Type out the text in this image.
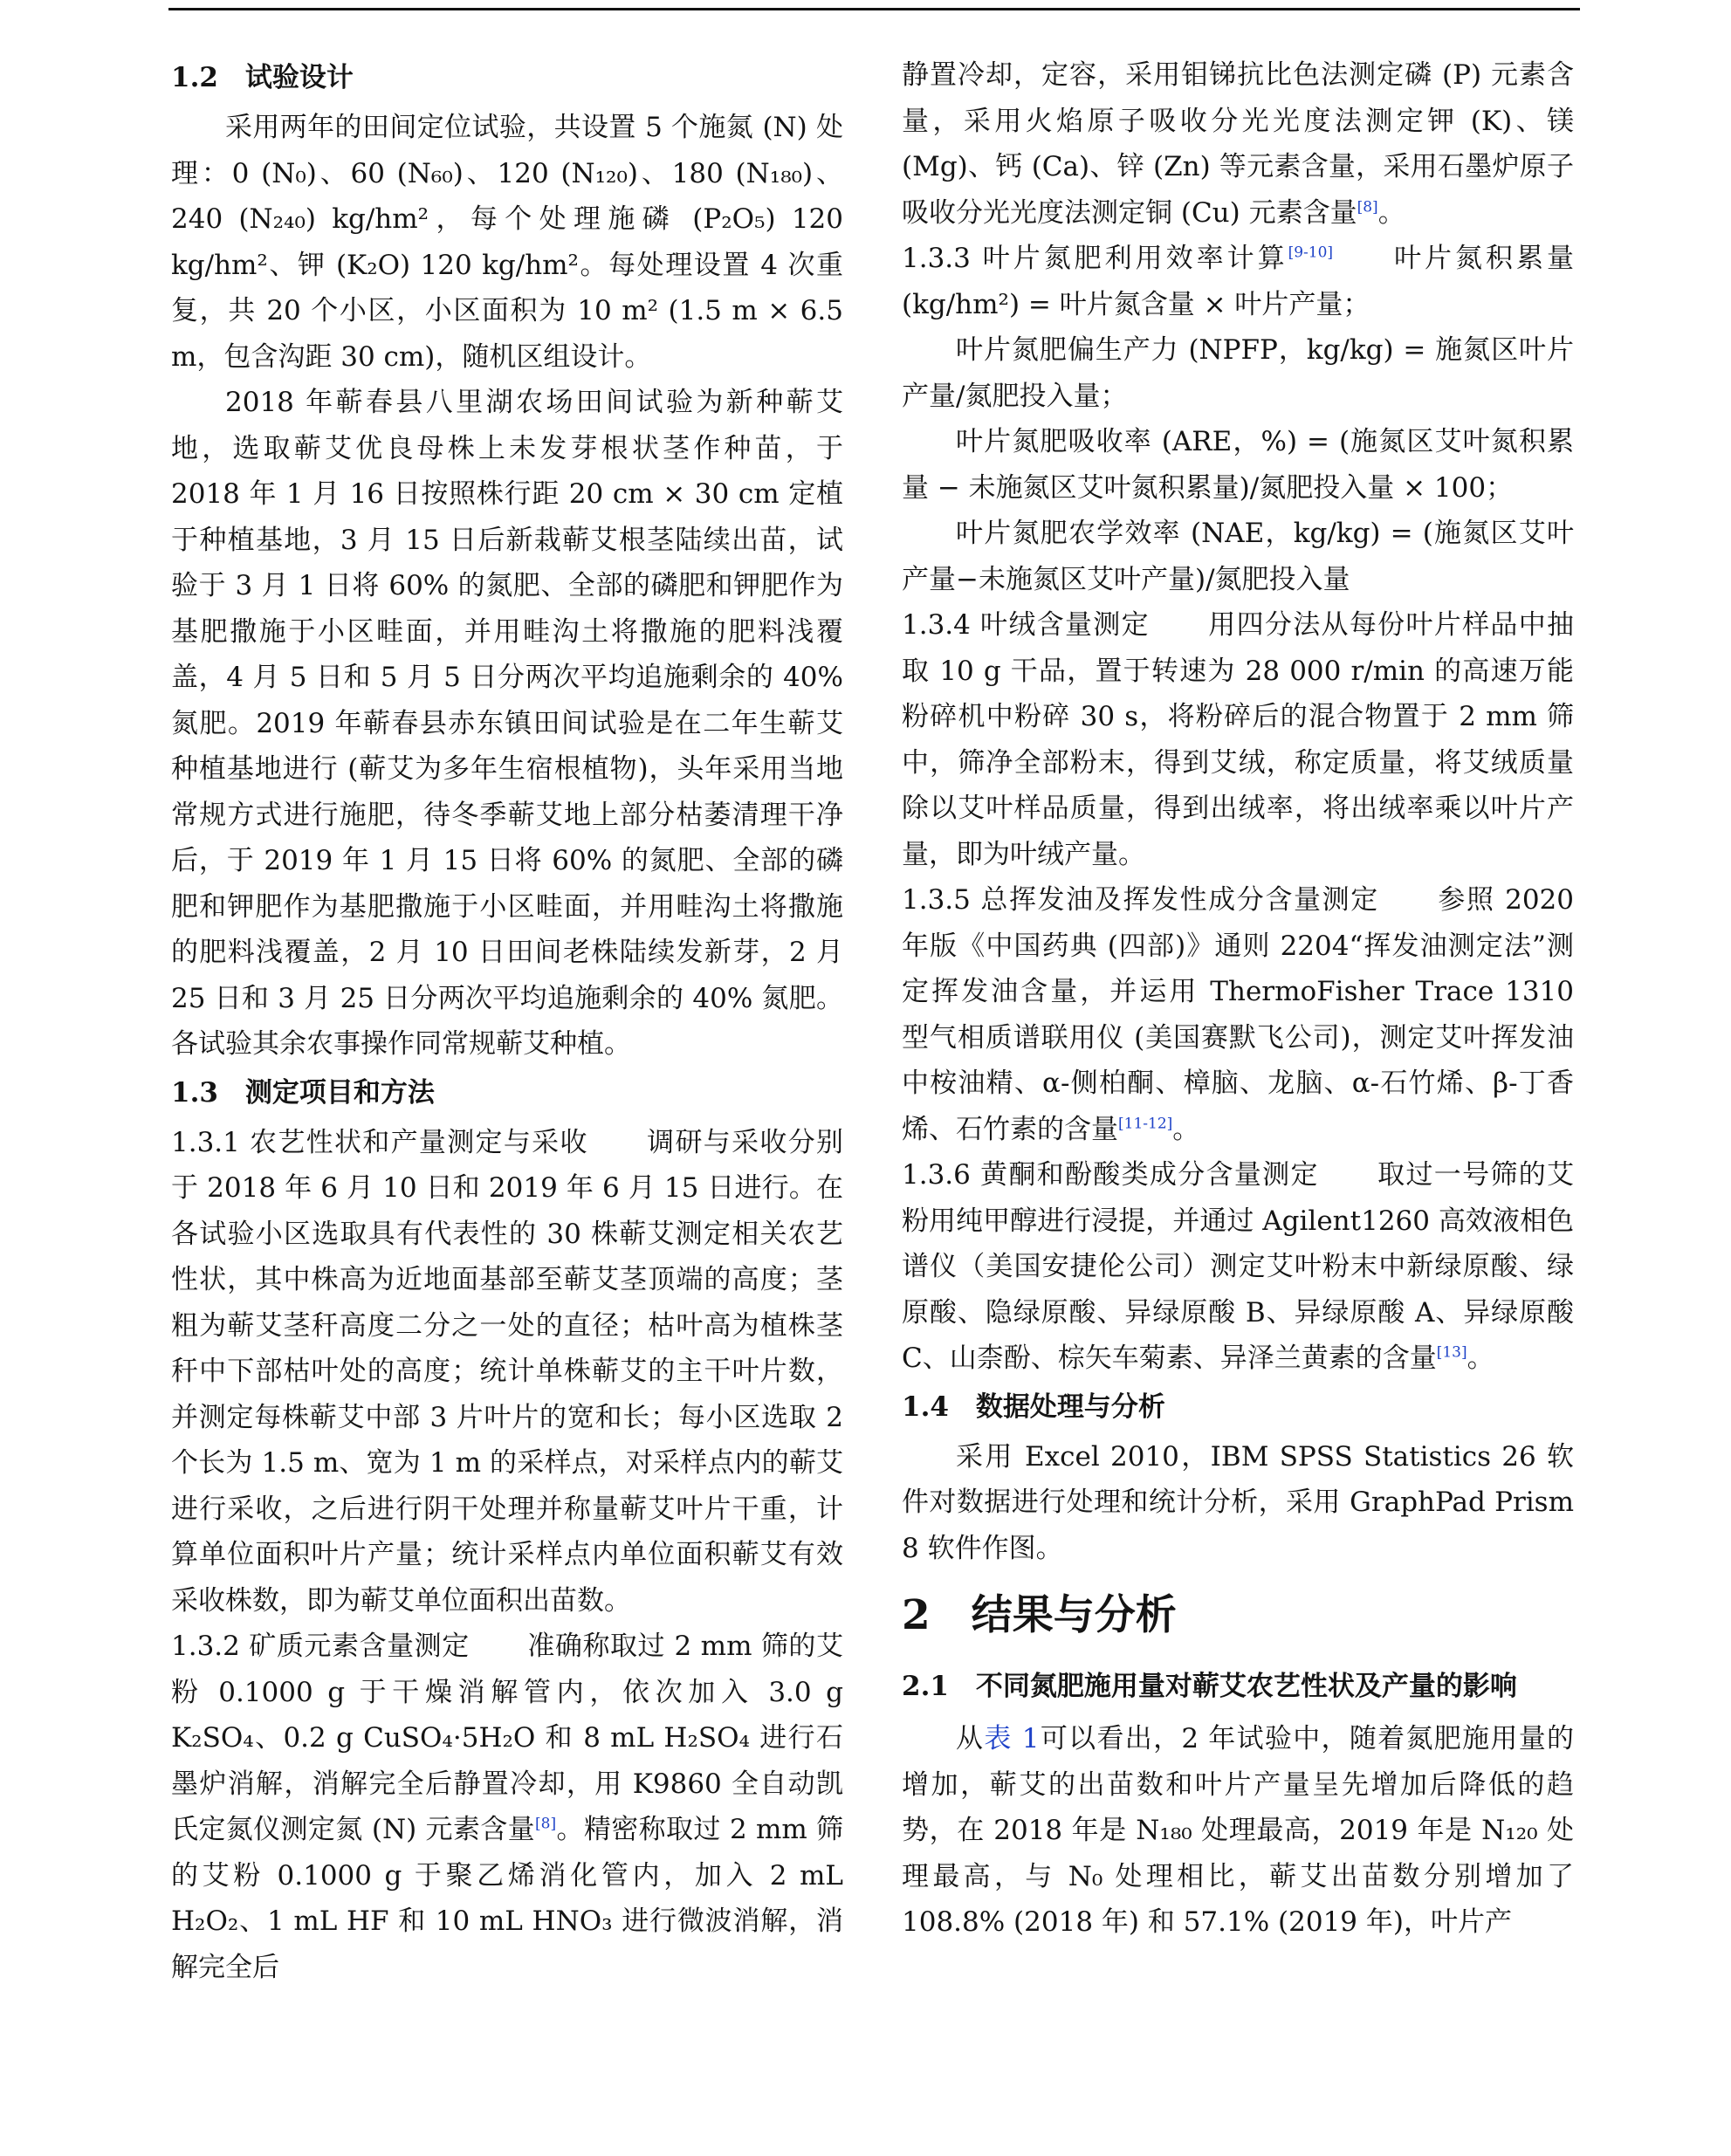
1.2　试验设计

采用两年的田间定位试验，共设置 5 个施氮 (N) 处理：0 (N₀)、60 (N₆₀)、120 (N₁₂₀)、180 (N₁₈₀)、240 (N₂₄₀) kg/hm²，每个处理施磷 (P₂O₅) 120 kg/hm²、钾 (K₂O) 120 kg/hm²。每处理设置 4 次重复，共 20 个小区，小区面积为 10 m² (1.5 m × 6.5 m，包含沟距 30 cm)，随机区组设计。

2018 年蕲春县八里湖农场田间试验为新种蕲艾地，选取蕲艾优良母株上未发芽根状茎作种苗，于 2018 年 1 月 16 日按照株行距 20 cm × 30 cm 定植于种植基地，3 月 15 日后新栽蕲艾根茎陆续出苗，试验于 3 月 1 日将 60% 的氮肥、全部的磷肥和钾肥作为基肥撒施于小区畦面，并用畦沟土将撒施的肥料浅覆盖，4 月 5 日和 5 月 5 日分两次平均追施剩余的 40% 氮肥。2019 年蕲春县赤东镇田间试验是在二年生蕲艾种植基地进行 (蕲艾为多年生宿根植物)，头年采用当地常规方式进行施肥，待冬季蕲艾地上部分枯萎清理干净后，于 2019 年 1 月 15 日将 60% 的氮肥、全部的磷肥和钾肥作为基肥撒施于小区畦面，并用畦沟土将撒施的肥料浅覆盖，2 月 10 日田间老株陆续发新芽，2 月 25 日和 3 月 25 日分两次平均追施剩余的 40% 氮肥。各试验其余农事操作同常规蕲艾种植。

1.3　测定项目和方法

1.3.1 农艺性状和产量测定与采收 调研与采收分别于 2018 年 6 月 10 日和 2019 年 6 月 15 日进行。在各试验小区选取具有代表性的 30 株蕲艾测定相关农艺性状，其中株高为近地面基部至蕲艾茎顶端的高度；茎粗为蕲艾茎秆高度二分之一处的直径；枯叶高为植株茎秆中下部枯叶处的高度；统计单株蕲艾的主干叶片数，并测定每株蕲艾中部 3 片叶片的宽和长；每小区选取 2 个长为 1.5 m、宽为 1 m 的采样点，对采样点内的蕲艾进行采收，之后进行阴干处理并称量蕲艾叶片干重，计算单位面积叶片产量；统计采样点内单位面积蕲艾有效采收株数，即为蕲艾单位面积出苗数。

1.3.2 矿质元素含量测定 准确称取过 2 mm 筛的艾粉 0.1000 g 于干燥消解管内，依次加入 3.0 g K₂SO₄、0.2 g CuSO₄·5H₂O 和 8 mL H₂SO₄ 进行石墨炉消解，消解完全后静置冷却，用 K9860 全自动凯氏定氮仪测定氮 (N) 元素含量[8]。精密称取过 2 mm 筛的艾粉 0.1000 g 于聚乙烯消化管内，加入 2 mL H₂O₂、1 mL HF 和 10 mL HNO₃ 进行微波消解，消解完全后

静置冷却，定容，采用钼锑抗比色法测定磷 (P) 元素含量，采用火焰原子吸收分光光度法测定钾 (K)、镁 (Mg)、钙 (Ca)、锌 (Zn) 等元素含量，采用石墨炉原子吸收分光光度法测定铜 (Cu) 元素含量[8]。

1.3.3 叶片氮肥利用效率计算[9-10] 叶片氮积累量 (kg/hm²) = 叶片氮含量 × 叶片产量；

叶片氮肥偏生产力 (NPFP，kg/kg) = 施氮区叶片产量/氮肥投入量；

叶片氮肥吸收率 (ARE，%) = (施氮区艾叶氮积累量 − 未施氮区艾叶氮积累量)/氮肥投入量 × 100；

叶片氮肥农学效率 (NAE，kg/kg) = (施氮区艾叶产量−未施氮区艾叶产量)/氮肥投入量

1.3.4 叶绒含量测定 用四分法从每份叶片样品中抽取 10 g 干品，置于转速为 28 000 r/min 的高速万能粉碎机中粉碎 30 s，将粉碎后的混合物置于 2 mm 筛中，筛净全部粉末，得到艾绒，称定质量，将艾绒质量除以艾叶样品质量，得到出绒率，将出绒率乘以叶片产量，即为叶绒产量。

1.3.5 总挥发油及挥发性成分含量测定 参照 2020 年版《中国药典 (四部)》通则 2204“挥发油测定法”测定挥发油含量，并运用 ThermoFisher Trace 1310 型气相质谱联用仪 (美国赛默飞公司)，测定艾叶挥发油中桉油精、α-侧柏酮、樟脑、龙脑、α-石竹烯、β-丁香烯、石竹素的含量[11-12]。

1.3.6 黄酮和酚酸类成分含量测定 取过一号筛的艾粉用纯甲醇进行浸提，并通过 Agilent1260 高效液相色谱仪（美国安捷伦公司）测定艾叶粉末中新绿原酸、绿原酸、隐绿原酸、异绿原酸 B、异绿原酸 A、异绿原酸 C、山柰酚、棕矢车菊素、异泽兰黄素的含量[13]。

1.4　数据处理与分析

采用 Excel 2010，IBM SPSS Statistics 26 软件对数据进行处理和统计分析，采用 GraphPad Prism 8 软件作图。

2　结果与分析
2.1　不同氮肥施用量对蕲艾农艺性状及产量的影响

从表 1可以看出，2 年试验中，随着氮肥施用量的增加，蕲艾的出苗数和叶片产量呈先增加后降低的趋势，在 2018 年是 N₁₈₀ 处理最高，2019 年是 N₁₂₀ 处理最高，与 N₀ 处理相比，蕲艾出苗数分别增加了 108.8% (2018 年) 和 57.1% (2019 年)，叶片产
